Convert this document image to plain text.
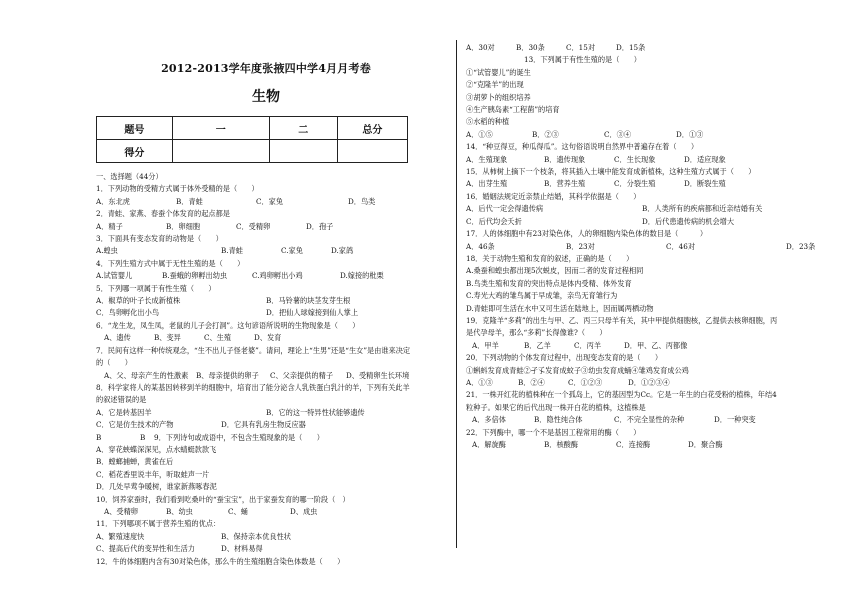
2012-2013学年度张掖四中学4月月考卷
生物
题号	一	二	总分
得分			
一、选择题（44分）
1．下列动物的受精方式属于体外受精的是（　　）
A．东北虎	B．青蛙	C．家兔	D．鸟类
2．青蛙、家燕、春蚕个体发育的起点都是
A．精子	B．卵细胞	C．受精卵	D．孢子
3．下面具有变态发育的动物是（　　）
A.蝗虫	B.青蛙	C.家兔	D.家鸽
4．下列生殖方式中属于无性生殖的是（　　）
A.试管婴儿	B.蚕蛾的卵孵出幼虫	C.鸡卵孵出小鸡	D.嫁接的枇栗
5．下列哪一项属于有性生殖（　　）
A．椒草的叶子长成新植株	B．马铃薯的块茎发芽生根
C．鸟卵孵化出小鸟	D．把仙人球嫁接到仙人掌上
6．“龙生龙，凤生凤，老鼠的儿子会打洞”。这句谚语所说明的生物现象是（　　）
A、遗传	B、变异	C、生殖	D、发育
7．民间有这样一种传统观念，“生不出儿子怪老婆”。请问，理论上“生男”还是“生女”是由谁来决定
的（　　）
A、父、母亲产生的性激素	B、母亲提供的卵子	C、父亲提供的精子	D、受精卵生长环境
8．科学家将人的某基因转移到羊的细胞中，培育出了能分泌含人乳铁蛋白乳汁的羊，下列有关此羊
的叙述错误的是
A．它是转基因羊	B．它的这一特异性状能够遗传
C．它是仿生技术的产物	D．它具有乳房生物反应器
B	B	9．下列诗句或成语中，不包含生殖现象的是（　　）
A．穿花蛱蝶深深见，点水蜻蜓款款飞
B．螳螂捕蝉，黄雀在后
C．稻花香里说丰年，听取蛙声一片
D．几处早莺争暖树，谁家新燕啄春泥
10．饲养家蚕时，我们看到吃桑叶的“蚕宝宝”，出于家蚕发育的哪一阶段（　）
A、受精卵	B、幼虫	C、蛹	D、成虫
11．下列哪项不属于营养生殖的优点：
A、繁殖速度快	B、保持亲本优良性状
C、提高后代的变异性和生活力	D、材料易得
12．牛的体细胞内含有30对染色体，那么牛的生殖细胞含染色体数是（　　）
A．30对	B．30条	C．15对	D．15条
13．下列属于有性生殖的是（　　）
①“试管婴儿”的诞生
②“克隆羊”的出现
③胡萝卜的组织培养
④生产胰岛素“工程菌”的培育
⑤水稻的种植
A．①⑤	B．②③	C．③④	D．①③
14．“种豆得豆，种瓜得瓜”。这句俗语说明自然界中普遍存在着（　　）
A．生殖现象	B．遗传现象	C．生长现象	D．适应现象
15．从柿树上摘下一个枝条，将其插入土壤中能发育成新植株，这种生殖方式属于（　　）
A．出芽生殖	B．营养生殖	C．分裂生殖	D．断裂生殖
16．婚姻法规定近亲禁止结婚，其科学依据是（　　）
A．后代一定会得遗传病	B．人类所有的疾病都和近亲结婚有关
C．后代均会夭折	D．后代患遗传病的机会增大
17．人的体细胞中有23对染色体，人的卵细胞内染色体的数目是（　　　）
A．46条	B．23对	C．46对	D．23条
18．关于动物生殖和发育的叙述，正确的是（　　）
A.桑蚕和蝗虫都出现5次蜕皮，因而二者的发育过程相同
B.鸟类生殖和发育的突出特点是体内受精、体外发育
C.寿光大鸡的雏鸟属于早成雏，亲鸟无育雏行为
D.青蛙即可生活在水中又可生活在陆地上，因而属两栖动物
19．克隆羊“多莉”的出生与甲、乙、丙三只母羊有关，其中甲提供细胞核，乙提供去核卵细胞，丙
是代孕母羊，那么“多莉”长得像谁?（　　）
A．甲羊	B．乙羊	C．丙羊	D．甲、乙、丙都像
20．下列动物的个体发育过程中，出现变态发育的是（　　）
①蝌蚪发育成青蛙②孑孓发育成蚊子③幼虫发育成蛹④雏鸡发育成公鸡
A．①③	B．②④	C．①②③	D．①②③④
21．一株开红花的植株种在一个孤岛上，它的基因型为Cc。它是一年生的白花受粉的植株，年结4
粒种子。如果它的后代出现一株开白花的植株，这植株是
A．多倍体	B．隐性纯合体	C．不完全显性的杂种	D．一种突变
22．下列酶中，哪一个不是基因工程常用的酶（　　）
A．解旋酶	B．核酸酶	C．连接酶	D．聚合酶
